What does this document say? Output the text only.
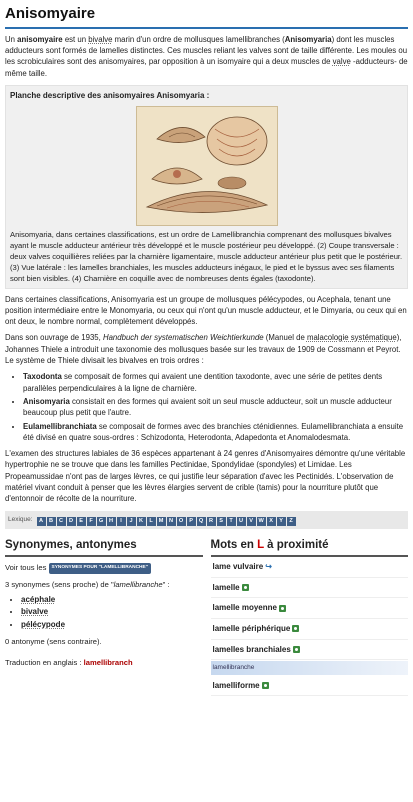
Anisomyaire

Un anisomyaire est un bivalve marin d'un ordre de mollusques lamellibranches (Anisomyaria) dont les muscles adducteurs sont formés de lamelles distinctes. Ces muscles reliant les valves sont de taille différente. Les moules ou les scrobiculaires sont des anisomyaires, par opposition à un isomyaire qui a deux muscles de valve -adducteurs- de même taille.

Planche descriptive des anisomyaires Anisomyaria :
Anisomyaria, dans certaines classifications, est un ordre de Lamellibranchia comprenant des mollusques bivalves ayant le muscle adducteur antérieur très développé et le muscle postérieur peu développé. (2) Coupe transversale : deux valves coquillières reliées par la charnière ligamentaire, muscle adducteur antérieur plus petit que le postérieur. (3) Vue latérale : les lamelles branchiales, les muscles adducteurs inégaux, le pied et le byssus avec ses filaments sont bien visibles. (4) Charnière en coquille avec de nombreuses dents égales (taxodonte).

Dans certaines classifications, Anisomyaria est un groupe de mollusques pélécypodes, ou Acephala, tenant une position intermédiaire entre le Monomyaria, ou ceux qui n'ont qu'un muscle adducteur, et le Dimyaria, ou ceux qui en ont deux, le nombre normal, complètement développés.

Dans son ouvrage de 1935, Handbuch der systematischen Weichtierkunde (Manuel de malacologie systématique), Johannes Thiele a introduit une taxonomie des mollusques basée sur les travaux de 1909 de Cossmann et Peyrot. Le système de Thiele divisait les bivalves en trois ordres :

• Taxodonta se composait de formes qui avaient une dentition taxodonte, avec une série de petites dents parallèles perpendiculaires à la ligne de charnière.
• Anisomyaria consistait en des formes qui avaient soit un seul muscle adducteur, soit un muscle adducteur beaucoup plus petit que l'autre.
• Eulamellibranchiata se composait de formes avec des branchies cténidiennes. Eulamellibranchiata a ensuite été divisé en quatre sous-ordres : Schizodonta, Heterodonta, Adapedonta et Anomalodesmata.

L'examen des structures labiales de 36 espèces appartenant à 24 genres d'Anisomyaires démontre qu'une véritable hypertrophie ne se trouve que dans les familles Pectinidae, Spondylidae (spondyles) et Limidae. Les Propeamussidae n'ont pas de larges lèvres, ce qui justifie leur séparation d'avec les Pectinidés. L'observation de matériel vivant conduit à penser que les lèvres élargies servent de crible (tamis) pour la nourriture plutôt que d'entonnoir de récolte de la nourriture.

Lexique:	A B C D E F G H I J K L M N O P Q R S T U V W X Y Z
Synonymes, antonymes
Voir tous les SYNONYMES POUR "LAMELLIBRANCHE"
3 synonymes (sens proche) de "lamellibranche" :
• acéphale
• bivalve
• pélécypode
0 antonyme (sens contraire).
Traduction en anglais : lamellibranch
Mots en L à proximité
lame vulvaire ↪
lamelle
lamelle moyenne
lamelle périphérique
lamelles branchiales
lamellibranche
lamelliforme
